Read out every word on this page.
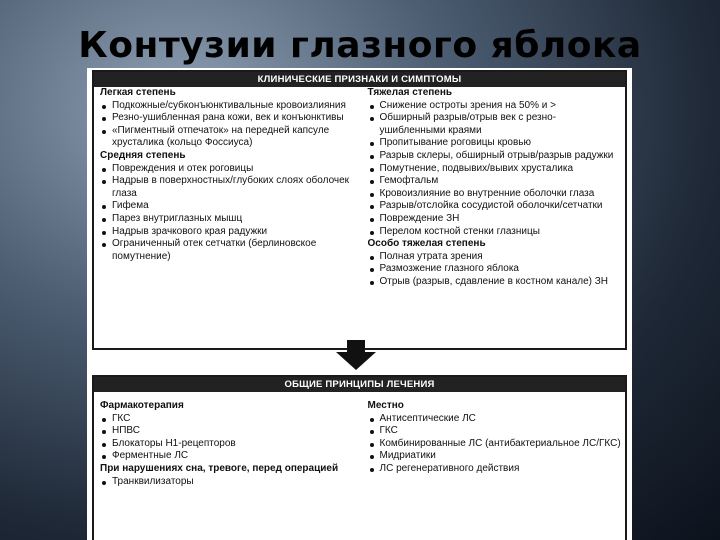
Контузии глазного яблока
КЛИНИЧЕСКИЕ ПРИЗНАКИ И СИМПТОМЫ
Легкая степень
Подкожные/субконъюнктивальные кровоизлияния
Резно-ушибленная рана кожи, век и конъюнктивы
«Пигментный отпечаток» на передней капсуле хрусталика (кольцо Фоссиуса)
Средняя степень
Повреждения и отек роговицы
Надрыв в поверхностных/глубоких слоях оболочек глаза
Гифема
Парез внутриглазных мышц
Надрыв зрачкового края радужки
Ограниченный отек сетчатки (берлиновское помутнение)
Тяжелая степень
Снижение остроты зрения на 50% и >
Обширный разрыв/отрыв век с резно-ушибленными краями
Пропитывание роговицы кровью
Разрыв склеры, обширный отрыв/разрыв радужки
Помутнение, подвывих/вывих хрусталика
Гемофтальм
Кровоизлияние во внутренние оболочки глаза
Разрыв/отслойка сосудистой оболочки/сетчатки
Повреждение ЗН
Перелом костной стенки глазницы
Особо тяжелая степень
Полная утрата зрения
Размозжение глазного яблока
Отрыв (разрыв, сдавление в костном канале) ЗН
ОБЩИЕ ПРИНЦИПЫ ЛЕЧЕНИЯ
Фармакотерапия
ГКС
НПВС
Блокаторы Н1-рецепторов
Ферментные ЛС
При нарушениях сна, тревоге, перед операцией
Транквилизаторы
Местно
Антисептические ЛС
ГКС
Комбинированные ЛС (антибактериальное ЛС/ГКС)
Мидриатики
ЛС регенеративного действия
